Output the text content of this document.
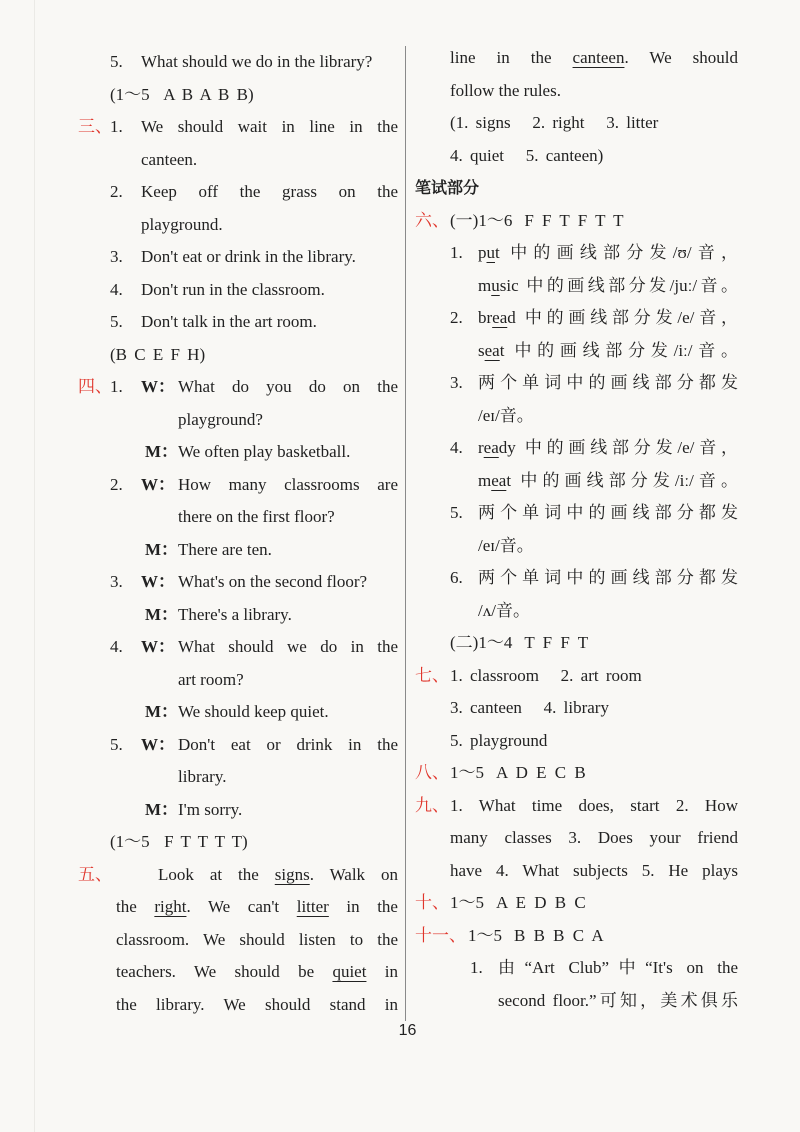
5.	What should we do in the library?
(1～5  A B A B B)
三、
1.	We should wait in line in the
canteen.
2.	Keep off the grass on the
playground.
3.	Don't eat or drink in the library.
4.	Don't run in the classroom.
5.	Don't talk in the art room.
(B C E F H)
四、
1.	W： What do you do on the
playground?
M： We often play basketball.
2.	W： How many classrooms are
there on the first floor?
M： There are ten.
3.	W： What's on the second floor?
M： There's a library.
4.	W： What should we do in the
art room?
M： We should keep quiet.
5.	W： Don't eat or drink in the
library.
M： I'm sorry.
(1～5  F T T T T)
五、	Look at the signs. Walk on
the right. We can't litter in the
classroom. We should listen to the
teachers. We should be quiet in
the library. We should stand in
line in the canteen. We should
follow the rules.
(1. signs   2. right   3. litter
4. quiet   5. canteen)
笔试部分
六、 (一)1～6 F F T F T T
1. put 中的画线部分发/ʊ/音，
music 中的画线部分发/juː/音。
2. bread 中的画线部分发/e/音，
seat 中的画线部分发/iː/音。
3. 两个单词中的画线部分都发
/eɪ/音。
4. ready 中的画线部分发/e/音，
meat 中的画线部分发/iː/音。
5. 两个单词中的画线部分都发
/eɪ/音。
6. 两个单词中的画线部分都发
/ʌ/音。
(二)1～4 T F F T
七、 1. classroom   2. art room
3. canteen   4. library
5. playground
八、 1～5 A D E C B
九、 1. What time does, start 2. How
many classes 3. Does your friend
have 4. What subjects 5. He plays
十、 1～5 A E D B C
十一、 1～5 B B B C A
1. 由“Art Club”中“It's on the
second floor.”可知，美术俱乐
16
